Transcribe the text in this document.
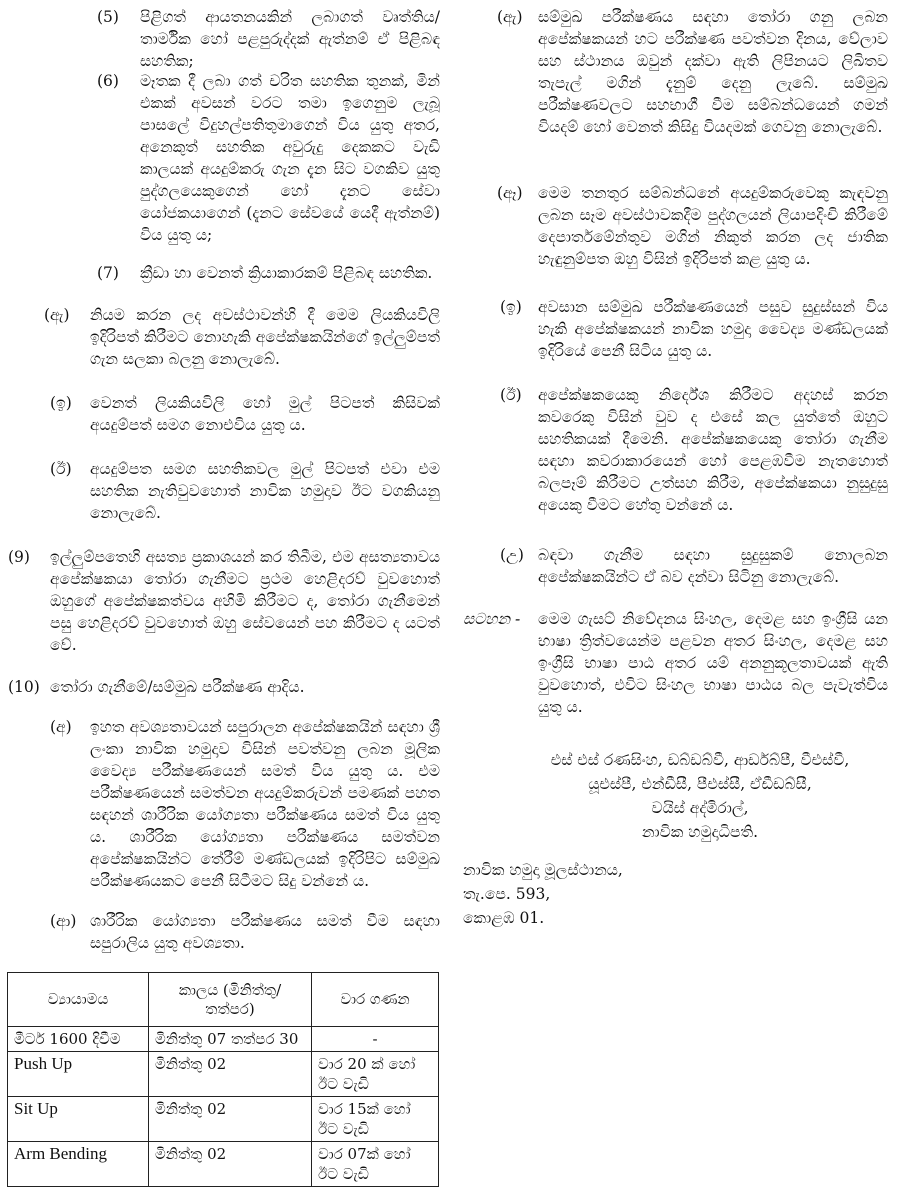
(5) පිළිගත් ආයතනයකින් ලබාගත් වෘත්තිය/තාර්මික හෝ පළපුරුද්දක් ඇත්නම් ඒ පිළිබඳ සහතික;
(6) මෑතක දී ලබා ගත් චරිත සහතික තුනක්, මින් එකක් අවසන් වරට තමා ඉගෙනුම ලැබූ පාසලේ විදුහල්පතිතුමාගෙන් විය යුතු අතර, අනෙකුත් සහතික අවුරුදු දෙකකට වැඩි කාලයක් අයදුම්කරු ගැන දැන සිට වගකිව යුතු පුද්ගලයෙකුගෙන් හෝ දැනට සේවා යෝජකයාගෙන් (දැනට සේවයේ යෙදී ඇත්නම්) විය යුතු ය;
(7) ක්‍රීඩා හා වෙනත් ක්‍රියාකාරකම් පිළිබඳ සහතික.
(ඇ) නියම කරන ලද අවස්ථාවන්හි දී මෙම ලියකියවිලි ඉදිරිපත් කිරීමට නොහැකි අපේක්ෂකයින්ගේ ඉල්ලුම්පත් ගැන සලකා බලනු නොලැබේ.
(ඉ) වෙනත් ලියකියවිලි හෝ මුල් පිටපත් කිසිවක් අයදුම්පත් සමග නොඑවිය යුතු ය.
(ඊ) අයදුම්පත සමග සහතිකවල මුල් පිටපත් එවා එම සහතික නැතිවුවහොත් නාවික හමුදාව ඊට වගකියනු නොලැබේ.
(9) ඉල්ලුම්පතෙහි අසත්‍ය ප්‍රකාශයන් කර තිබීම, එම අසත්‍යතාවය අපේක්ෂකයා තෝරා ගැනීමට ප්‍රථම හෙළිදරව් වුවහොත් ඔහුගේ අපේක්ෂකත්වය අහිමි කිරීමට ද, තෝරා ගැනීමෙන් පසු හෙළිදරව් වුවහොත් ඔහු සේවයෙන් පහ කිරීමට ද යටත් වේ.
(10) තෝරා ගැනීමේ/සම්මුඛ පරීක්ෂණ ආදිය.
(අ) ඉහත අවශ්‍යතාවයන් සපුරාලන අපේක්ෂකයින් සඳහා ශ්‍රී ලංකා නාවික හමුදාව විසින් පවත්වනු ලබන මූලික වෛද්‍ය පරීක්ෂණයෙන් සමත් විය යුතු ය. එම පරීක්ෂණයෙන් සමත්වන අයදුම්කරුවන් පමණක් පහත සඳහන් ශාරීරික යෝග්‍යතා පරීක්ෂණය සමත් විය යුතු ය. ශාරීරික යෝග්‍යතා පරීක්ෂණය සමත්වන අපේක්ෂකයින්ට තේරීම් මණ්ඩලයක් ඉදිරිපිට සම්මුඛ පරීක්ෂණයකට පෙනී සිටීමට සිදු වන්නේ ය.
(ආ) ශාරීරික යෝග්‍යතා පරීක්ෂණය සමත් වීම සඳහා සපුරාලිය යුතු අවශ්‍යතා.
ව්‍යායාමය	කාලය (මිනිත්තු/තත්පර)	වාර ගණන
මීටර් 1600 දිවීම	මිනිත්තු 07 තත්පර 30	-
Push Up	මිනිත්තු 02	වාර 20 ක් හෝ ඊට වැඩි
Sit Up	මිනිත්තු 02	වාර 15ක් හෝ ඊට වැඩි
Arm Bending	මිනිත්තු 02	වාර 07ක් හෝ ඊට වැඩි
(ඇ) සම්මුඛ පරීක්ෂණය සඳහා තෝරා ගනු ලබන අපේක්ෂකයන් හට පරීක්ෂණ පවත්වන දිනය, වේලාව සහ ස්ථානය ඔවුන් දක්වා ඇති ලිපිනයට ලිඛිතව තැපැල් මගින් දැනුම් දෙනු ලැබේ. සම්මුඛ පරීක්ෂණවලට සහභාගී වීම සම්බන්ධයෙන් ගමන් වියදම් හෝ වෙනත් කිසිදු වියදමක් ගෙවනු නොලැබේ.
(ඈ) මෙම තනතුර සම්බන්ධනේ අයදුම්කරුවෙකු කැඳවනු ලබන සෑම අවස්ථාවකදීම පුද්ගලයන් ලියාපදිංචි කිරීමේ දෙපාර්තමේන්තුව මගින් නිකුත් කරන ලද ජාතික හැඳුනුම්පත ඔහු විසින් ඉදිරිපත් කළ යුතු ය.
(ඉ) අවසාන සම්මුඛ පරීක්ෂණයෙන් පසුව සුදුස්සන් විය හැකි අපේක්ෂකයන් නාවික හමුදා වෛද්‍ය මණ්ඩලයක් ඉදිරියේ පෙනී සිටිය යුතු ය.
(ඊ) අපේක්ෂකයෙකු නිර්දේශ කිරීමට අදහස් කරන කවරෙකු විසින් වුව ද එසේ කල යුත්තේ ඔහුට සහතිකයක් දීමෙනි. අපේක්ෂකයෙකු තෝරා ගැනීම සඳහා කවරාකාරයෙන් හෝ පෙළඹවීම නැතහොත් බලපෑම් කිරීමට උත්සහ කිරීම, අපේක්ෂකයා නුසුදුසු අයෙකු වීමට හේතු වන්නේ ය.
(උ) බඳවා ගැනීම සඳහා සුදුසුකම් නොලබන අපේක්ෂකයින්ට ඒ බව දන්වා සිටිනු නොලැබේ.
සටහන - මෙම ගැසට් නිවේදනය සිංහල, දෙමළ සහ ඉංග්‍රීසි යන භාෂා ත්‍රිත්වයෙන්ම පළවන අතර සිංහල, දෙමළ සහ ඉංග්‍රීසි භාෂා පාඨ අතර යම් අනනුකූලතාවයක් ඇති වුවහොත්, එවිට සිංහල භාෂා පාඨය බල පැවැත්විය යුතු ය.
එස් එස් රණසිංහ, ඩබ්ඩබ්වී, ආර්ඩබ්පී, වීඑස්වී,
යූඑස්පී, එන්ඩීසී, පීඑස්සී, ඒඩීඩබ්සී,
වයිස් අද්මිරාල්,
නාවික හමුදාධිපති.
නාවික හමුදා මූලස්ථානය,
තැ.පෙ. 593,
කොළඹ 01.
